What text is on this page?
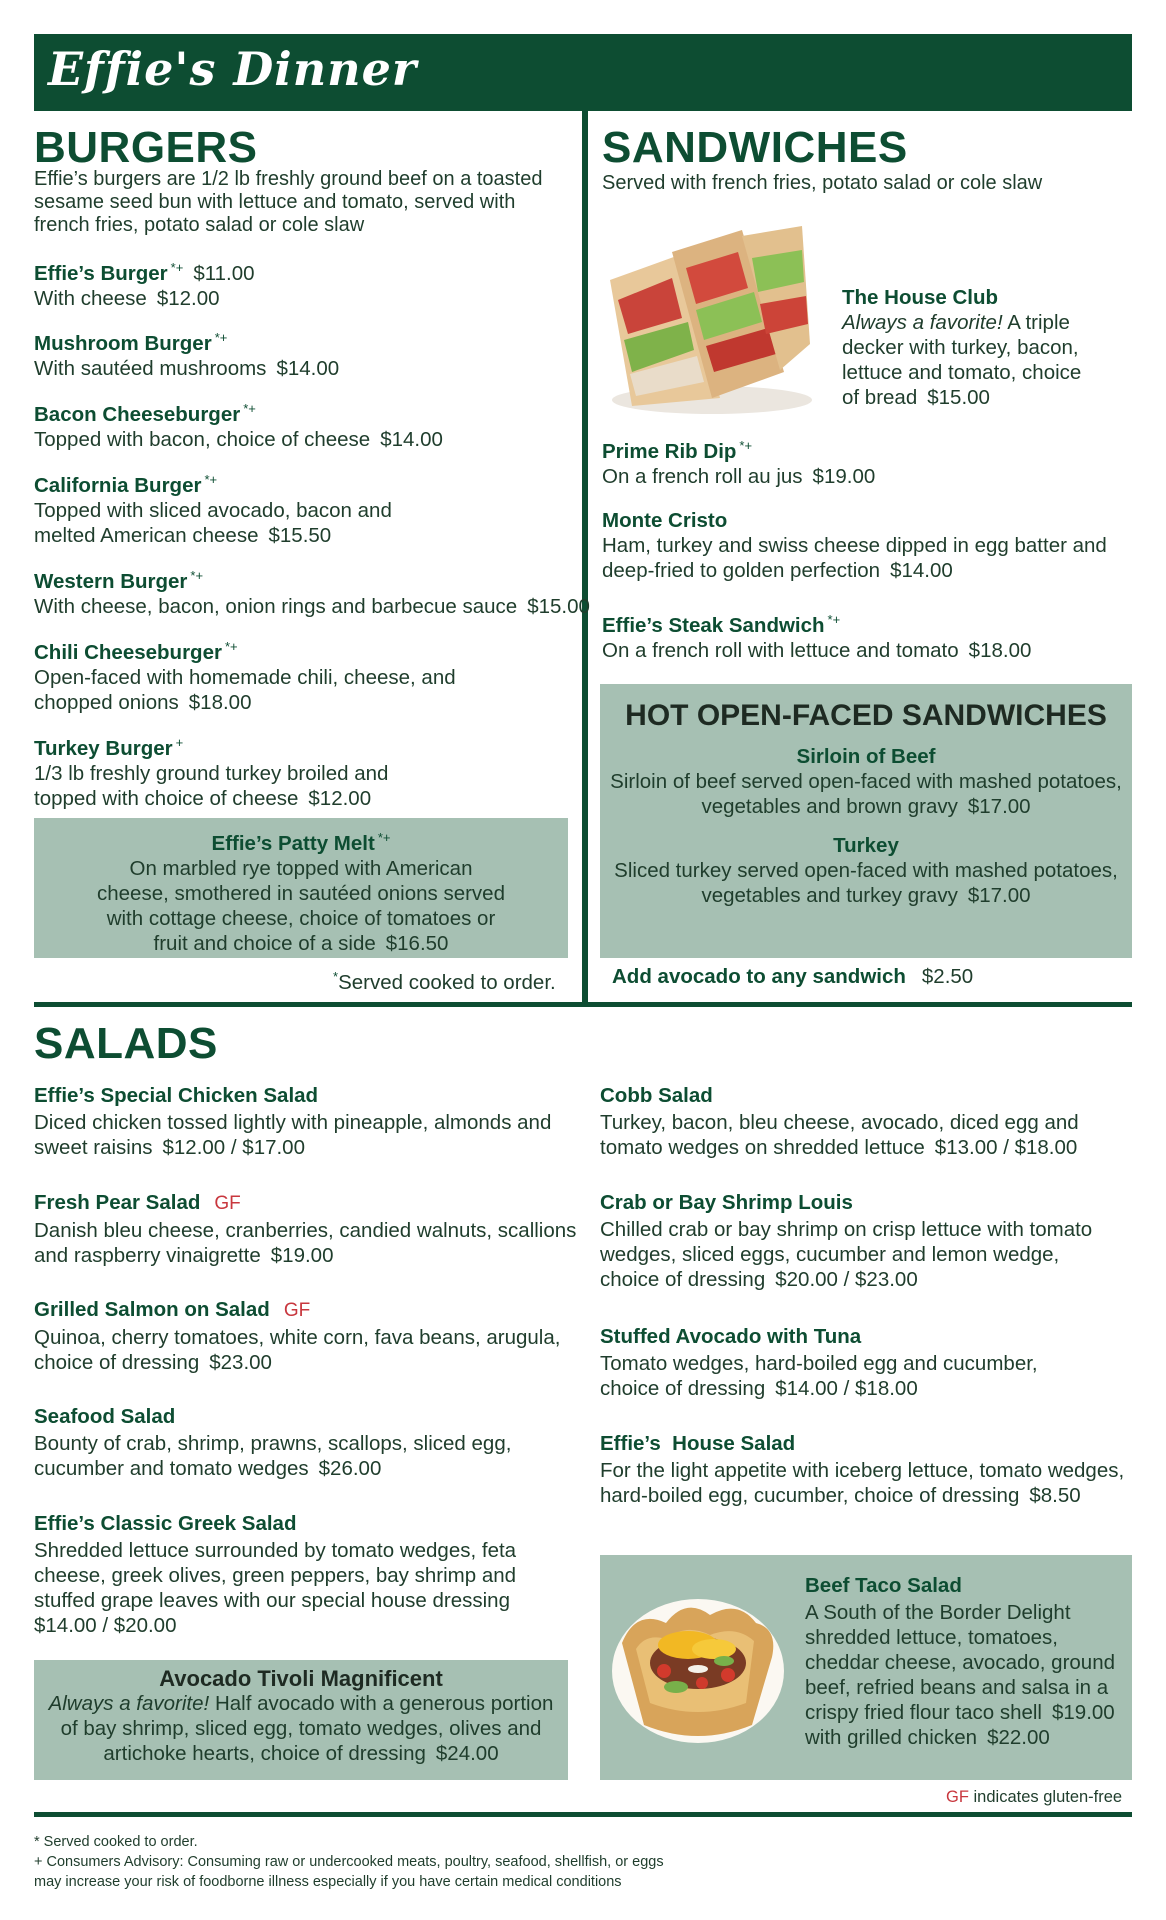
Effie's Dinner
BURGERS
Effie’s burgers are 1/2 lb freshly ground beef on a toasted
sesame seed bun with lettuce and tomato, served with
french fries, potato salad or cole slaw
Effie’s Burger *+ $11.00
With cheese $12.00
Mushroom Burger *+
With sautéed mushrooms $14.00
Bacon Cheeseburger *+
Topped with bacon, choice of cheese $14.00
California Burger *+
Topped with sliced avocado, bacon and
melted American cheese $15.50
Western Burger *+
With cheese, bacon, onion rings and barbecue sauce $15.00
Chili Cheeseburger *+
Open-faced with homemade chili, cheese, and
chopped onions $18.00
Turkey Burger +
1/3 lb freshly ground turkey broiled and
topped with choice of cheese $12.00
Effie’s Patty Melt *+
On marbled rye topped with American
cheese, smothered in sautéed onions served
with cottage cheese, choice of tomatoes or
fruit and choice of a side $16.50
*Served cooked to order.
SANDWICHES
Served with french fries, potato salad or cole slaw
The House Club
Always a favorite! A triple
decker with turkey, bacon,
lettuce and tomato, choice
of bread $15.00
Prime Rib Dip *+
On a french roll au jus $19.00
Monte Cristo
Ham, turkey and swiss cheese dipped in egg batter and
deep-fried to golden perfection $14.00
Effie’s Steak Sandwich *+
On a french roll with lettuce and tomato $18.00
HOT OPEN-FACED SANDWICHES
Sirloin of Beef
Sirloin of beef served open-faced with mashed potatoes,
vegetables and brown gravy $17.00
Turkey
Sliced turkey served open-faced with mashed potatoes,
vegetables and turkey gravy $17.00
Add avocado to any sandwich $2.50
SALADS
Effie’s Special Chicken Salad
Diced chicken tossed lightly with pineapple, almonds and
sweet raisins $12.00 / $17.00
Fresh Pear Salad GF
Danish bleu cheese, cranberries, candied walnuts, scallions
and raspberry vinaigrette $19.00
Grilled Salmon on Salad GF
Quinoa, cherry tomatoes, white corn, fava beans, arugula,
choice of dressing $23.00
Seafood Salad
Bounty of crab, shrimp, prawns, scallops, sliced egg,
cucumber and tomato wedges $26.00
Effie’s Classic Greek Salad
Shredded lettuce surrounded by tomato wedges, feta
cheese, greek olives, green peppers, bay shrimp and
stuffed grape leaves with our special house dressing
$14.00 / $20.00
Avocado Tivoli Magnificent
Always a favorite! Half avocado with a generous portion
of bay shrimp, sliced egg, tomato wedges, olives and
artichoke hearts, choice of dressing $24.00
Cobb Salad
Turkey, bacon, bleu cheese, avocado, diced egg and
tomato wedges on shredded lettuce $13.00 / $18.00
Crab or Bay Shrimp Louis
Chilled crab or bay shrimp on crisp lettuce with tomato
wedges, sliced eggs, cucumber and lemon wedge,
choice of dressing $20.00 / $23.00
Stuffed Avocado with Tuna
Tomato wedges, hard-boiled egg and cucumber,
choice of dressing $14.00 / $18.00
Effie’s  House Salad
For the light appetite with iceberg lettuce, tomato wedges,
hard-boiled egg, cucumber, choice of dressing $8.50
Beef Taco Salad
A South of the Border Delight
shredded lettuce, tomatoes,
cheddar cheese, avocado, ground
beef, refried beans and salsa in a
crispy fried flour taco shell $19.00
with grilled chicken $22.00
GF indicates gluten-free
* Served cooked to order.
+ Consumers Advisory: Consuming raw or undercooked meats, poultry, seafood, shellfish, or eggs
may increase your risk of foodborne illness especially if you have certain medical conditions
